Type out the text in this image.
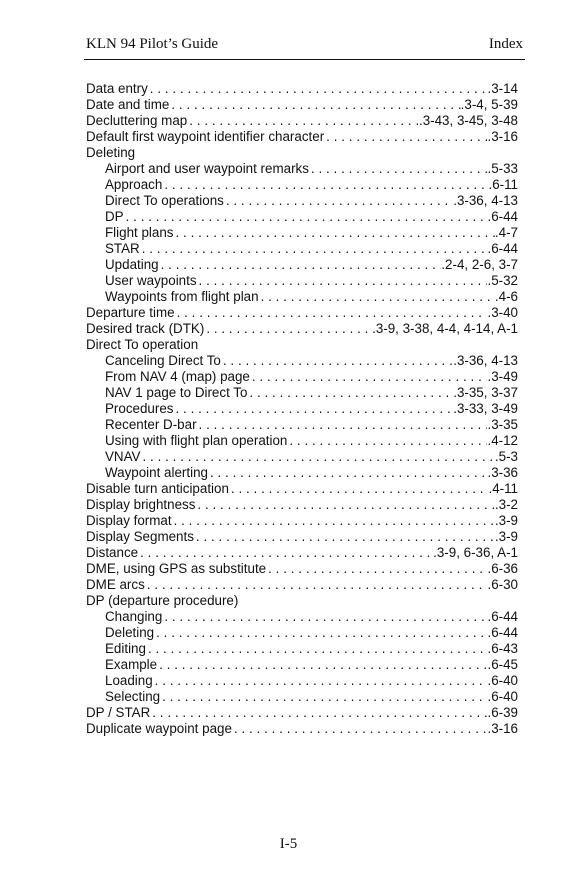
KLN 94 Pilot’s Guide	Index
Data entry . . .	.3-14
Date and time . . .	.3-4, 5-39
Decluttering map . . .	.3-43, 3-45, 3-48
Default first waypoint identifier character . . .	.3-16
Deleting
Airport and user waypoint remarks . . .	.5-33
Approach . . .	.6-11
Direct To operations . . .	.3-36, 4-13
DP . . .	.6-44
Flight plans . . .	.4-7
STAR . . .	.6-44
Updating . . .	.2-4, 2-6, 3-7
User waypoints . . .	.5-32
Waypoints from flight plan . . .	.4-6
Departure time . . .	.3-40
Desired track (DTK) . . .	.3-9, 3-38, 4-4, 4-14, A-1
Direct To operation
Canceling Direct To . . .	.3-36, 4-13
From NAV 4 (map) page . . .	.3-49
NAV 1 page to Direct To . . .	.3-35, 3-37
Procedures . . .	.3-33, 3-49
Recenter D-bar . . .	.3-35
Using with flight plan operation . . .	.4-12
VNAV . . .	.5-3
Waypoint alerting . . .	.3-36
Disable turn anticipation . . .	.4-11
Display brightness . . .	.3-2
Display format . . .	.3-9
Display Segments . . .	.3-9
Distance . . .	.3-9, 6-36, A-1
DME, using GPS as substitute . . .	.6-36
DME arcs . . .	.6-30
DP (departure procedure)
Changing . . .	.6-44
Deleting . . .	.6-44
Editing . . .	.6-43
Example . . .	.6-45
Loading . . .	.6-40
Selecting . . .	.6-40
DP / STAR . . .	.6-39
Duplicate waypoint page . . .	.3-16
I-5
